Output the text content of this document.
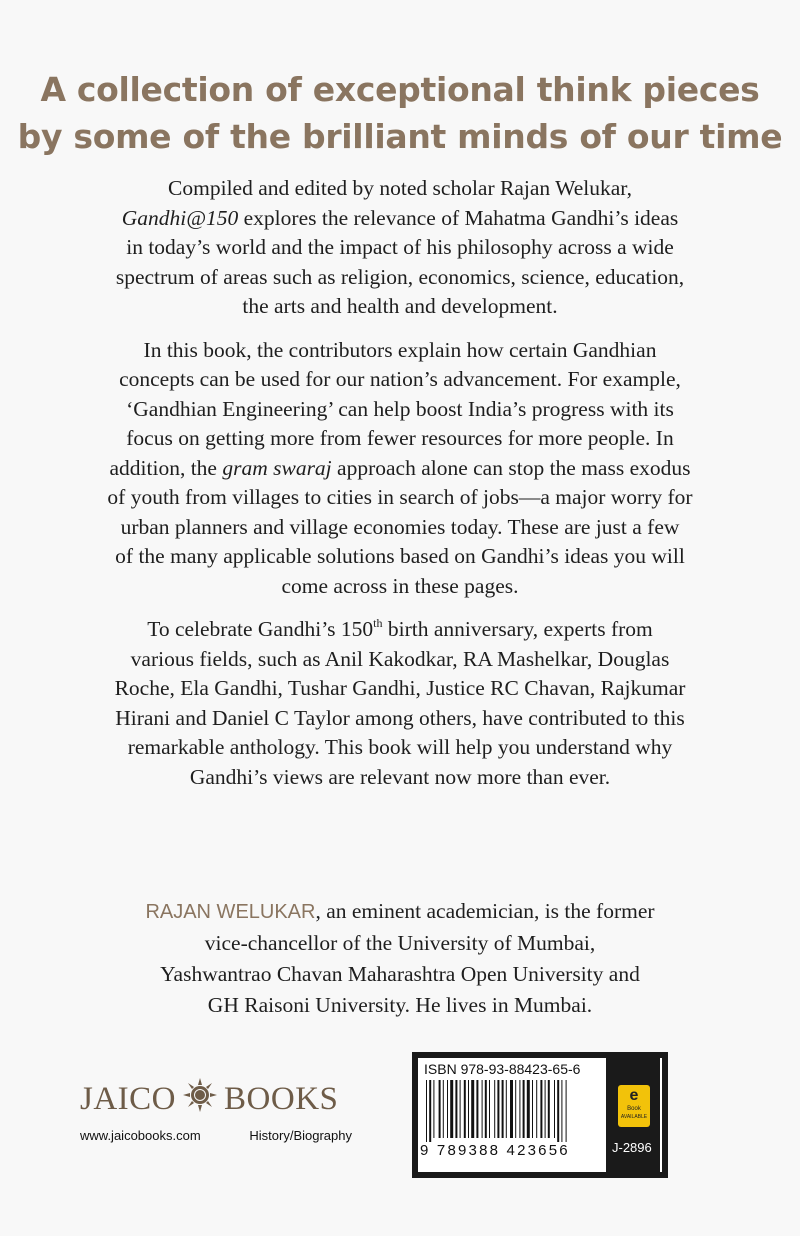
A collection of exceptional think pieces
by some of the brilliant minds of our time
Compiled and edited by noted scholar Rajan Welukar,
Gandhi@150 explores the relevance of Mahatma Gandhi’s ideas
in today’s world and the impact of his philosophy across a wide
spectrum of areas such as religion, economics, science, education,
the arts and health and development.
In this book, the contributors explain how certain Gandhian
concepts can be used for our nation’s advancement. For example,
‘Gandhian Engineering’ can help boost India’s progress with its
focus on getting more from fewer resources for more people. In
addition, the gram swaraj approach alone can stop the mass exodus
of youth from villages to cities in search of jobs—a major worry for
urban planners and village economies today. These are just a few
of the many applicable solutions based on Gandhi’s ideas you will
come across in these pages.
To celebrate Gandhi’s 150th birth anniversary, experts from
various fields, such as Anil Kakodkar, RA Mashelkar, Douglas
Roche, Ela Gandhi, Tushar Gandhi, Justice RC Chavan, Rajkumar
Hirani and Daniel C Taylor among others, have contributed to this
remarkable anthology. This book will help you understand why
Gandhi’s views are relevant now more than ever.
RAJAN WELUKAR, an eminent academician, is the former
vice-chancellor of the University of Mumbai,
Yashwantrao Chavan Maharashtra Open University and
GH Raisoni University. He lives in Mumbai.
JAICO BOOKS
www.jaicobooks.com	History/Biography
ISBN 978-93-88423-65-6
9 789388 423656
e
Book
AVAILABLE
J-2896
